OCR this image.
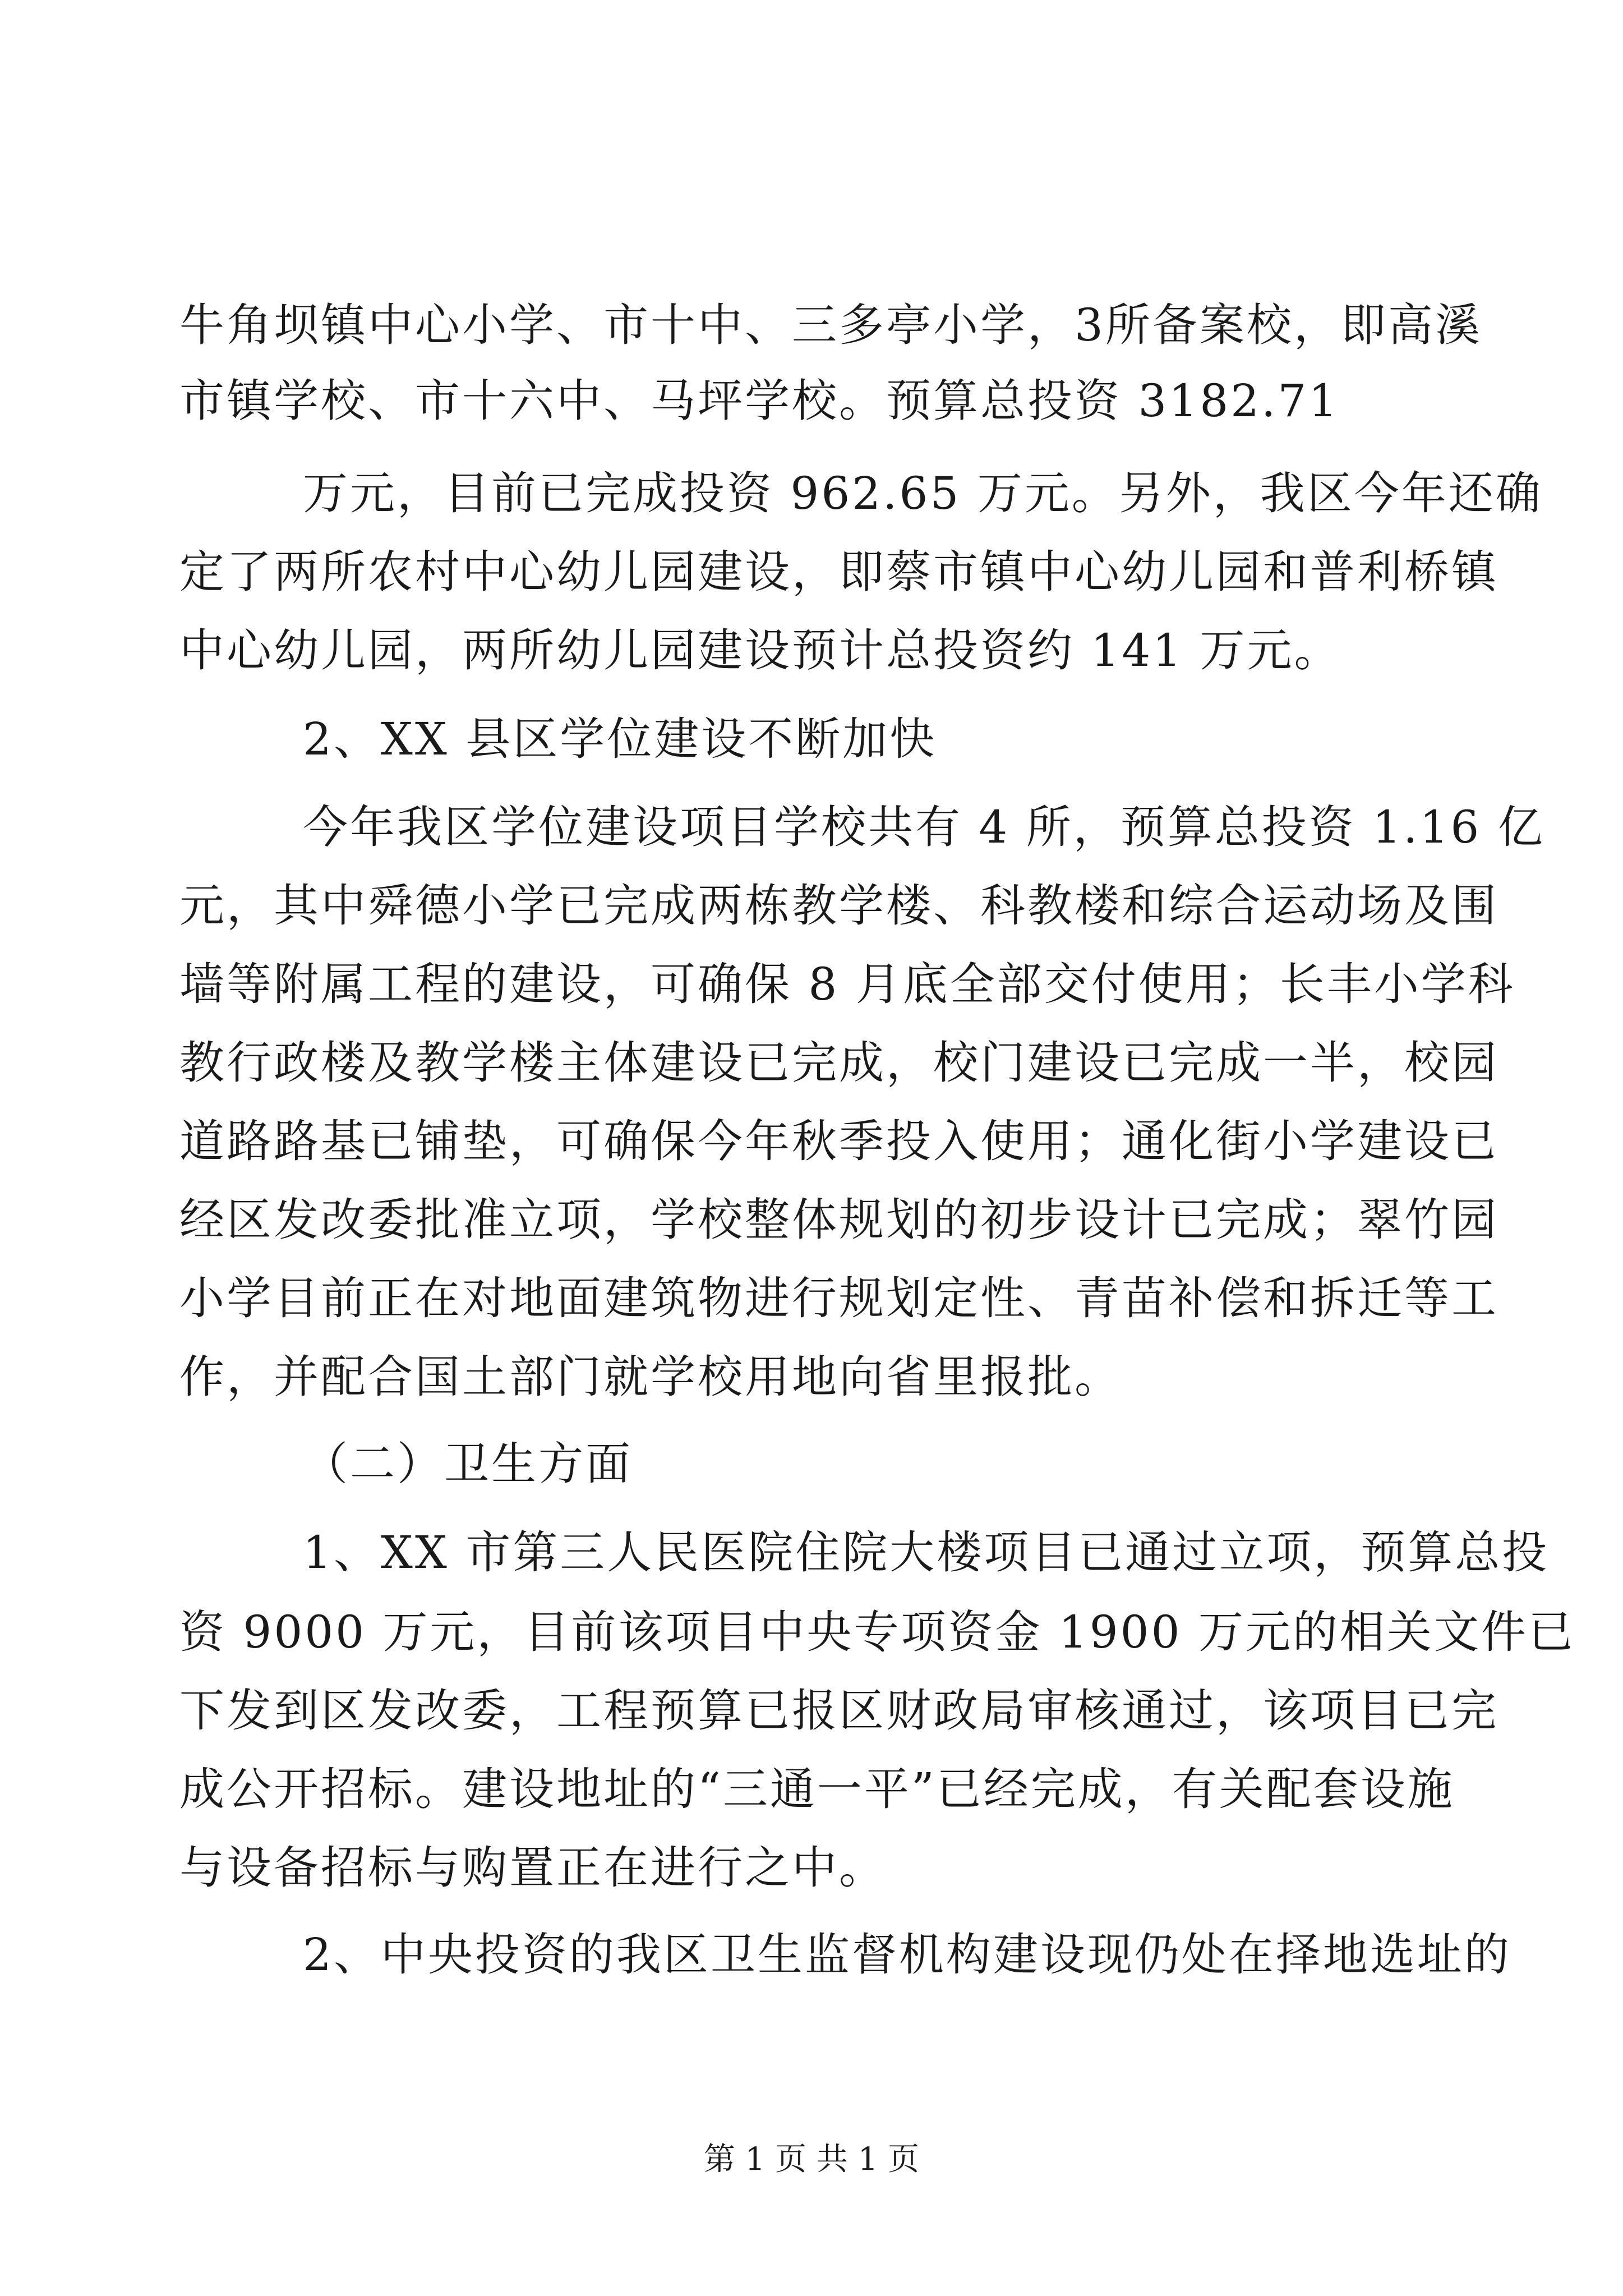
牛角坝镇中心小学、市十中、三多亭小学，3所备案校，即高溪
市镇学校、市十六中、马坪学校。预算总投资 3182.71
万元，目前已完成投资 962.65 万元。另外，我区今年还确
定了两所农村中心幼儿园建设，即蔡市镇中心幼儿园和普利桥镇
中心幼儿园，两所幼儿园建设预计总投资约 141 万元。
2、XX 县区学位建设不断加快
今年我区学位建设项目学校共有 4 所，预算总投资 1.16 亿
元，其中舜德小学已完成两栋教学楼、科教楼和综合运动场及围
墙等附属工程的建设，可确保 8 月底全部交付使用；长丰小学科
教行政楼及教学楼主体建设已完成，校门建设已完成一半，校园
道路路基已铺垫，可确保今年秋季投入使用；通化街小学建设已
经区发改委批准立项，学校整体规划的初步设计已完成；翠竹园
小学目前正在对地面建筑物进行规划定性、青苗补偿和拆迁等工
作，并配合国土部门就学校用地向省里报批。
（二）卫生方面
1、XX 市第三人民医院住院大楼项目已通过立项，预算总投
资 9000 万元，目前该项目中央专项资金 1900 万元的相关文件已
下发到区发改委，工程预算已报区财政局审核通过，该项目已完
成公开招标。建设地址的“三通一平”已经完成，有关配套设施
与设备招标与购置正在进行之中。
2、中央投资的我区卫生监督机构建设现仍处在择地选址的
第 1 页 共 1 页
